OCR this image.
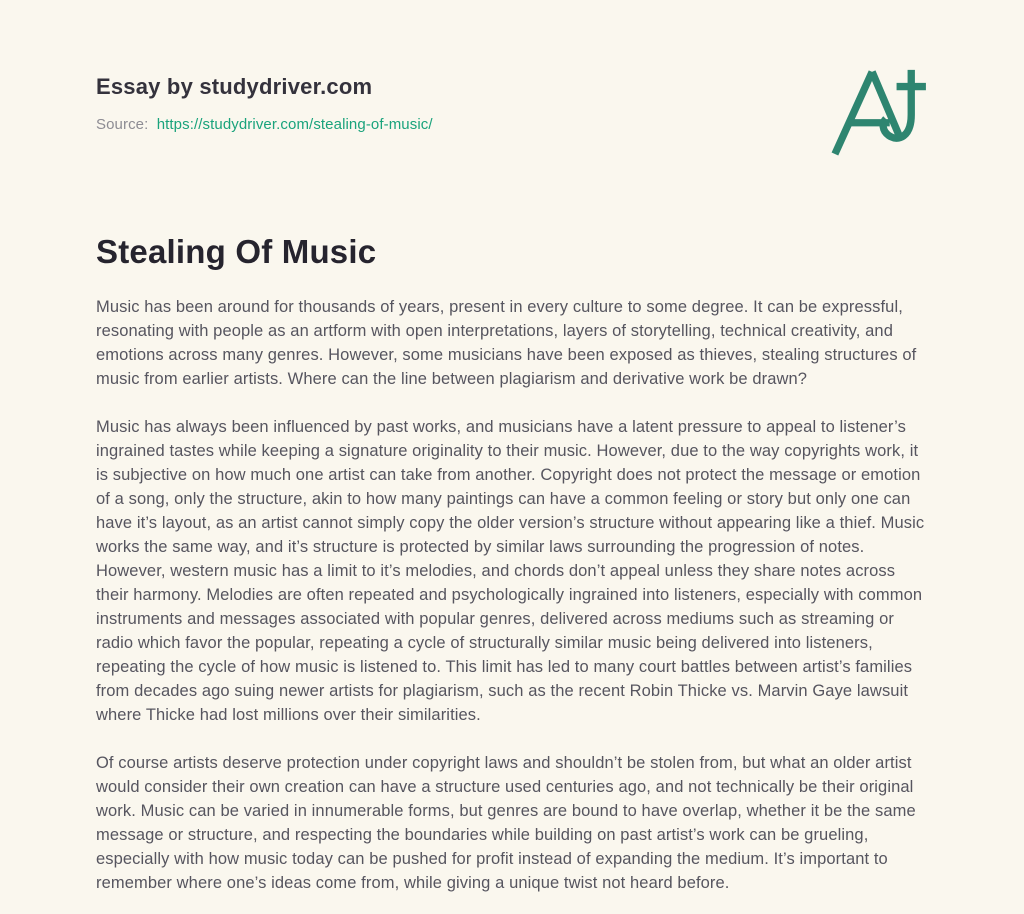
Essay by studydriver.com

Source: https://studydriver.com/stealing-of-music/

Stealing Of Music

Music has been around for thousands of years, present in every culture to some degree. It can be expressful, resonating with people as an artform with open interpretations, layers of storytelling, technical creativity, and emotions across many genres. However, some musicians have been exposed as thieves, stealing structures of music from earlier artists. Where can the line between plagiarism and derivative work be drawn?

Music has always been influenced by past works, and musicians have a latent pressure to appeal to listener’s ingrained tastes while keeping a signature originality to their music. However, due to the way copyrights work, it is subjective on how much one artist can take from another. Copyright does not protect the message or emotion of a song, only the structure, akin to how many paintings can have a common feeling or story but only one can have it’s layout, as an artist cannot simply copy the older version’s structure without appearing like a thief. Music works the same way, and it’s structure is protected by similar laws surrounding the progression of notes. However, western music has a limit to it’s melodies, and chords don’t appeal unless they share notes across their harmony. Melodies are often repeated and psychologically ingrained into listeners, especially with common instruments and messages associated with popular genres, delivered across mediums such as streaming or radio which favor the popular, repeating a cycle of structurally similar music being delivered into listeners, repeating the cycle of how music is listened to. This limit has led to many court battles between artist’s families from decades ago suing newer artists for plagiarism, such as the recent Robin Thicke vs. Marvin Gaye lawsuit where Thicke had lost millions over their similarities.

Of course artists deserve protection under copyright laws and shouldn’t be stolen from, but what an older artist would consider their own creation can have a structure used centuries ago, and not technically be their original work. Music can be varied in innumerable forms, but genres are bound to have overlap, whether it be the same message or structure, and respecting the boundaries while building on past artist’s work can be grueling, especially with how music today can be pushed for profit instead of expanding the medium. It’s important to remember where one’s ideas come from, while giving a unique twist not heard before.
